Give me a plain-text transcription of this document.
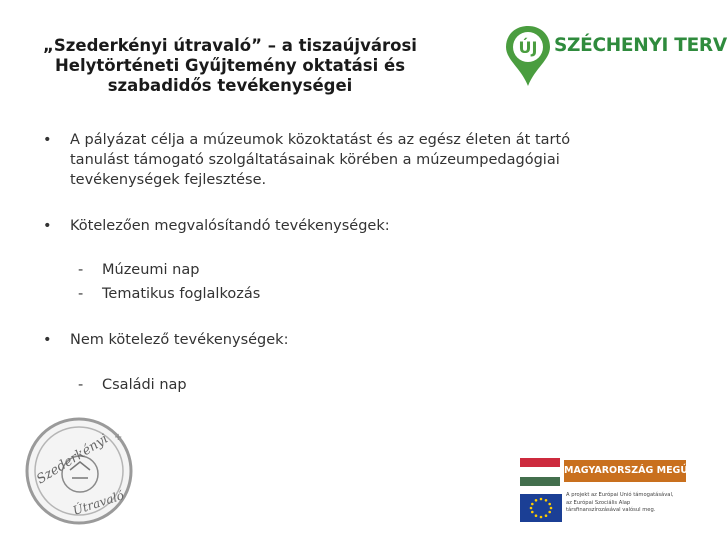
„Szederkényi útravaló” – a tiszaújvárosi
Helytörténeti Gyűjtemény oktatási és
szabadidős tevékenységei
ÚJ SZÉCHENYI TERV
• A pályázat célja a múzeumok közoktatást és az egész életen át tartó
tanulást támogató szolgáltatásainak körében a múzeumpedagógiai
tevékenységek fejlesztése.
• Kötelezően megvalósítandó tevékenységek:
- Múzeumi nap
- Tematikus foglalkozás
• Nem kötelező tevékenységek:
- Családi nap
+
Szederkényi
Útravaló
MAGYARORSZÁG MEGÚJUL
A projekt az Európai Unió támogatásával,
az Európai Szociális Alap
társfinanszírozásával valósul meg.
